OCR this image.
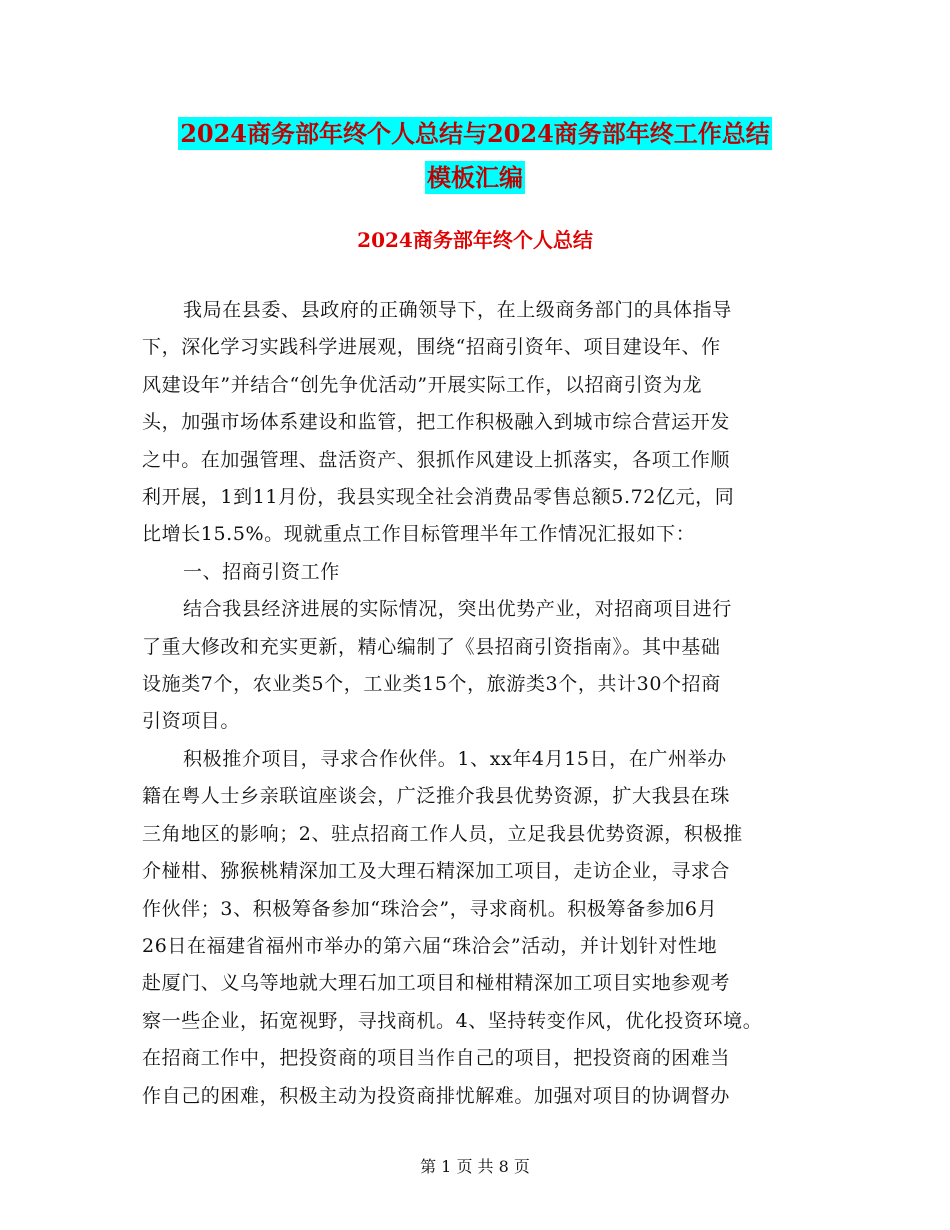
2024商务部年终个人总结与2024商务部年终工作总结
模板汇编
2024商务部年终个人总结

我局在县委、县政府的正确领导下，在上级商务部门的具体指导
下，深化学习实践科学进展观，围绕“招商引资年、项目建设年、作
风建设年”并结合“创先争优活动”开展实际工作，以招商引资为龙
头，加强市场体系建设和监管，把工作积极融入到城市综合营运开发
之中。在加强管理、盘活资产、狠抓作风建设上抓落实，各项工作顺
利开展，1到11月份，我县实现全社会消费品零售总额5.72亿元，同
比增长15.5%。现就重点工作目标管理半年工作情况汇报如下：

一、招商引资工作

结合我县经济进展的实际情况，突出优势产业，对招商项目进行
了重大修改和充实更新，精心编制了《县招商引资指南》。其中基础
设施类7个，农业类5个，工业类15个，旅游类3个，共计30个招商
引资项目。

积极推介项目，寻求合作伙伴。1、xx年4月15日，在广州举办
籍在粤人士乡亲联谊座谈会，广泛推介我县优势资源，扩大我县在珠
三角地区的影响；2、驻点招商工作人员，立足我县优势资源，积极推
介椪柑、猕猴桃精深加工及大理石精深加工项目，走访企业，寻求合
作伙伴；3、积极筹备参加“珠洽会”，寻求商机。积极筹备参加6月
26日在福建省福州市举办的第六届“珠洽会”活动，并计划针对性地
赴厦门、义乌等地就大理石加工项目和椪柑精深加工项目实地参观考
察一些企业，拓宽视野，寻找商机。4、坚持转变作风，优化投资环境。
在招商工作中，把投资商的项目当作自己的项目，把投资商的困难当
作自己的困难，积极主动为投资商排忧解难。加强对项目的协调督办

第 1 页 共 8 页
